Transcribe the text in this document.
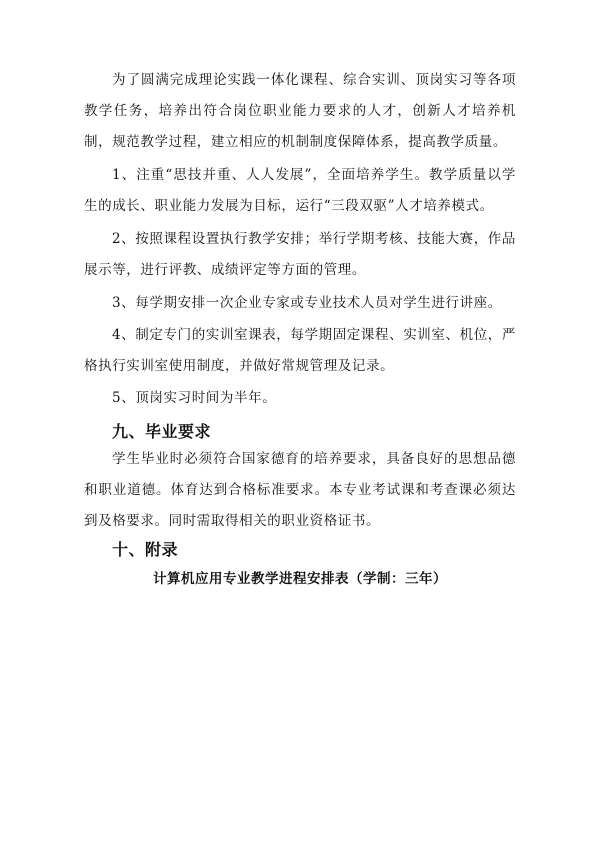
为了圆满完成理论实践一体化课程、综合实训、顶岗实习等各项教学任务，培养出符合岗位职业能力要求的人才，创新人才培养机制，规范教学过程，建立相应的机制制度保障体系，提高教学质量。

1、注重“思技并重、人人发展”，全面培养学生。教学质量以学生的成长、职业能力发展为目标，运行“三段双驱”人才培养模式。

2、按照课程设置执行教学安排；举行学期考核、技能大赛，作品展示等，进行评教、成绩评定等方面的管理。

3、每学期安排一次企业专家或专业技术人员对学生进行讲座。

4、制定专门的实训室课表，每学期固定课程、实训室、机位，严格执行实训室使用制度，并做好常规管理及记录。

5、顶岗实习时间为半年。

九、毕业要求

学生毕业时必须符合国家德育的培养要求，具备良好的思想品德和职业道德。体育达到合格标准要求。本专业考试课和考查课必须达到及格要求。同时需取得相关的职业资格证书。

十、附录

计算机应用专业教学进程安排表（学制：三年）
